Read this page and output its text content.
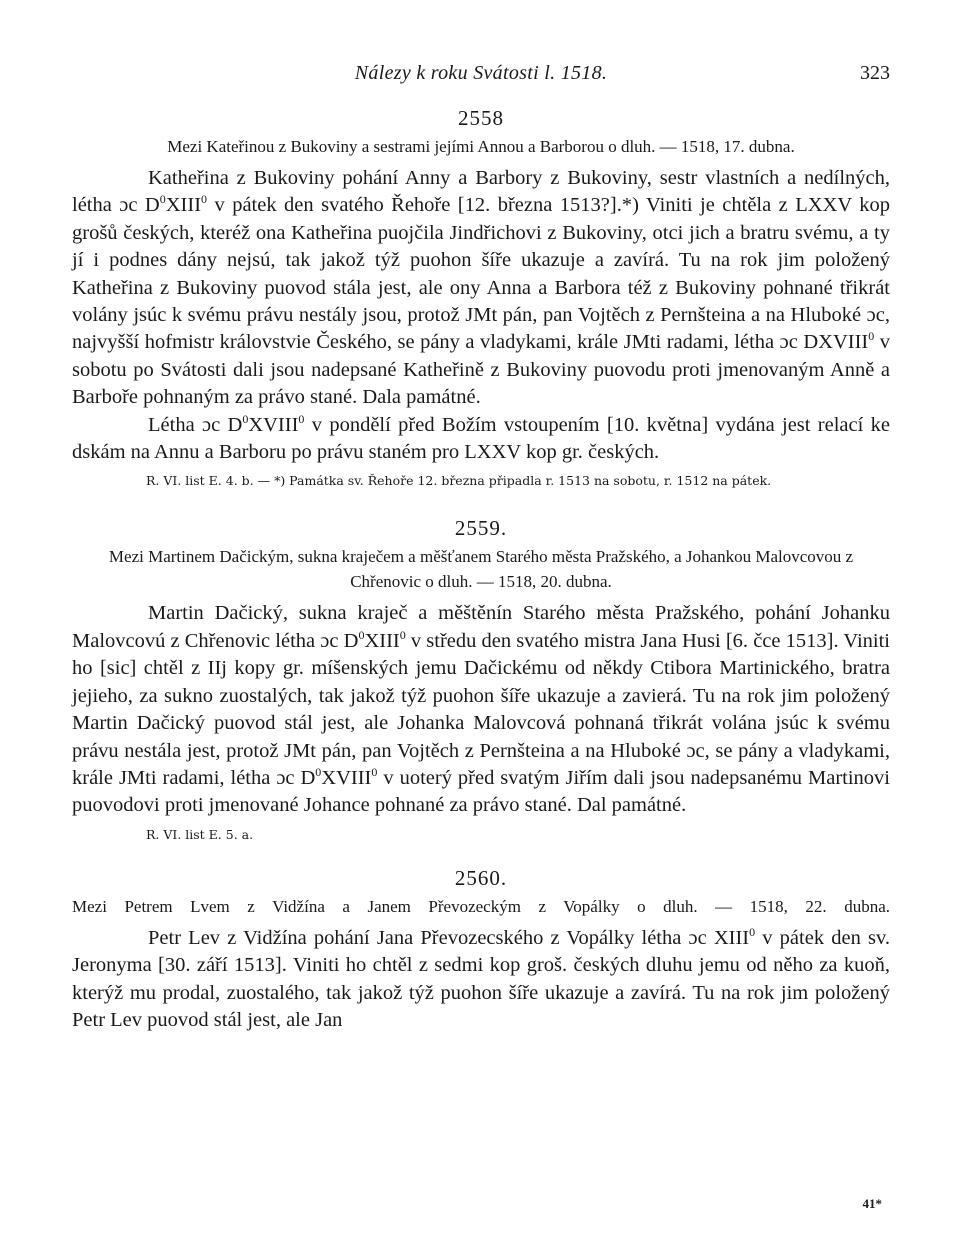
Nálezy k roku Svátosti l. 1518.	323
2558
Mezi Kateřinou z Bukoviny a sestrami jejími Annou a Barborou o dluh. — 1518, 17. dubna.

Katheřina z Bukoviny pohání Anny a Barbory z Bukoviny, sestr vlastních a nedílných, létha ɔc $D^0XIII^0$ v pátek den svatého Řehoře [12. března 1513?].*) Viniti je chtěla z LXXV kop grošů českých, kteréž ona Katheřina puojčila Jindřichovi z Bukoviny, otci jich a bratru svému, a ty jí i podnes dány nejsú, tak jakož týž puohon šíře ukazuje a zavírá. Tu na rok jim položený Katheřina z Bukoviny puovod stála jest, ale ony Anna a Barbora též z Bukoviny pohnané třikrát volány jsúc k svému právu nestály jsou, protož JMt pán, pan Vojtěch z Pernšteina a na Hluboké ɔc, najvyšší hofmistr královstvie Českého, se pány a vladykami, krále JMti radami, létha ɔc DXVIII$^0$ v sobotu po Svátosti dali jsou nadepsané Katheřině z Bukoviny puovodu proti jmenovaným Anně a Barboře pohnaným za právo stané. Dala památné.

Létha ɔc $D^0XVIII^0$ v pondělí před Božím vstoupením [10. května] vydána jest relací ke dskám na Annu a Barboru po právu staném pro LXXV kop gr. českých.

R. VI. list E. 4. b. — *) Památka sv. Řehoře 12. března připadla r. 1513 na sobotu, r. 1512 na pátek.
2559.
Mezi Martinem Dačickým, sukna kraječem a měšťanem Starého města Pražského, a Johankou Malovcovou z Chřenovic o dluh. — 1518, 20. dubna.

Martin Dačický, sukna kraječ a měštěnín Starého města Pražského, pohání Johanku Malovcovú z Chřenovic létha ɔc $D^0XIII^0$ v středu den svatého mistra Jana Husi [6. čce 1513]. Viniti ho [sic] chtěl z IIj kopy gr. míšenských jemu Dačickému od někdy Ctibora Martinického, bratra jejieho, za sukno zuostalých, tak jakož týž puohon šíře ukazuje a zavierá. Tu na rok jim položený Martin Dačický puovod stál jest, ale Johanka Malovcová pohnaná třikrát volána jsúc k svému právu nestála jest, protož JMt pán, pan Vojtěch z Pernšteina a na Hluboké ɔc, se pány a vladykami, krále JMti radami, létha ɔc $D^0XVIII^0$ v uoterý před svatým Jiřím dali jsou nadepsanému Martinovi puovodovi proti jmenované Johance pohnané za právo stané. Dal památné.

R. VI. list E. 5. a.
2560.
Mezi Petrem Lvem z Vidžína a Janem Převozeckým z Vopálky o dluh. — 1518, 22. dubna.

Petr Lev z Vidžína pohání Jana Převozecského z Vopálky létha ɔc XIII$^0$ v pátek den sv. Jeronyma [30. září 1513]. Viniti ho chtěl z sedmi kop groš. českých dluhu jemu od něho za kuoň, kterýž mu prodal, zuostalého, tak jakož týž puohon šíře ukazuje a zavírá. Tu na rok jim položený Petr Lev puovod stál jest, ale Jan

41*
